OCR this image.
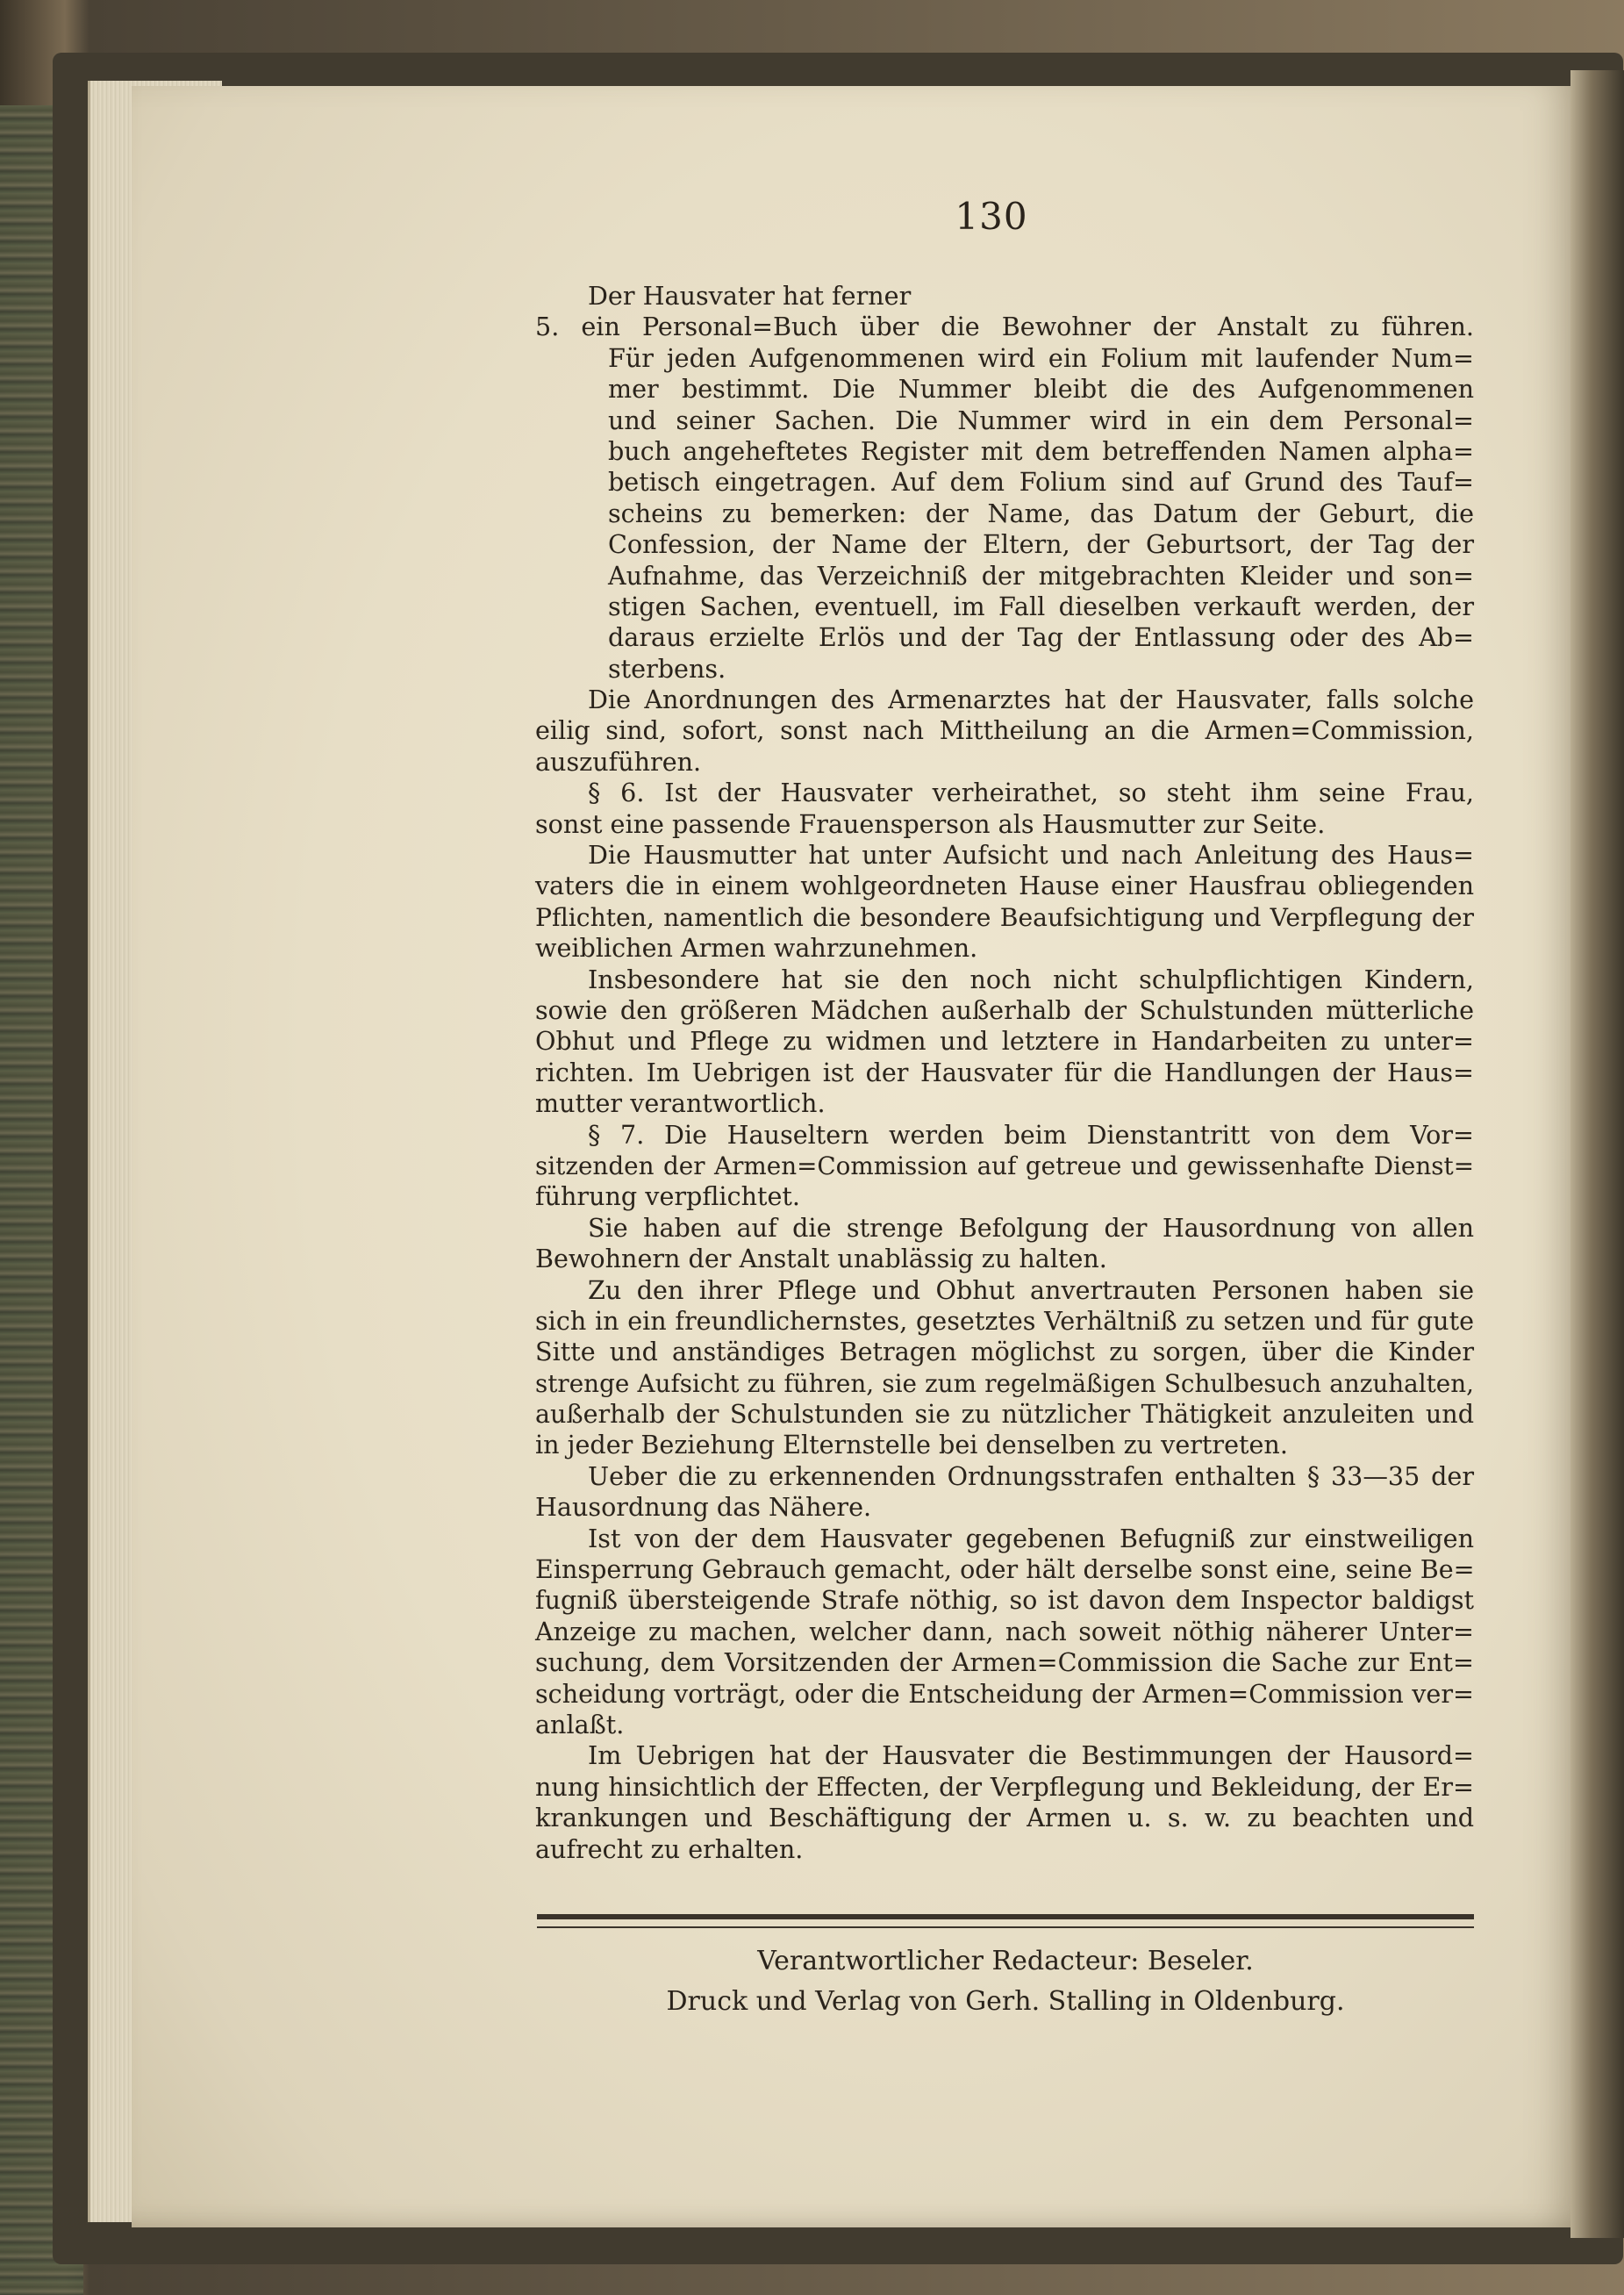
130
Der Hausvater hat ferner
5. ein Personal=Buch über die Bewohner der Anstalt zu führen.
Für jeden Aufgenommenen wird ein Folium mit laufender Num=
mer bestimmt. Die Nummer bleibt die des Aufgenommenen
und seiner Sachen. Die Nummer wird in ein dem Personal=
buch angeheftetes Register mit dem betreffenden Namen alpha=
betisch eingetragen. Auf dem Folium sind auf Grund des Tauf=
scheins zu bemerken: der Name, das Datum der Geburt, die
Confession, der Name der Eltern, der Geburtsort, der Tag der
Aufnahme, das Verzeichniß der mitgebrachten Kleider und son=
stigen Sachen, eventuell, im Fall dieselben verkauft werden, der
daraus erzielte Erlös und der Tag der Entlassung oder des Ab=
sterbens.
Die Anordnungen des Armenarztes hat der Hausvater, falls solche
eilig sind, sofort, sonst nach Mittheilung an die Armen=Commission,
auszuführen.
§ 6. Ist der Hausvater verheirathet, so steht ihm seine Frau,
sonst eine passende Frauensperson als Hausmutter zur Seite.
Die Hausmutter hat unter Aufsicht und nach Anleitung des Haus=
vaters die in einem wohlgeordneten Hause einer Hausfrau obliegenden
Pflichten, namentlich die besondere Beaufsichtigung und Verpflegung der
weiblichen Armen wahrzunehmen.
Insbesondere hat sie den noch nicht schulpflichtigen Kindern,
sowie den größeren Mädchen außerhalb der Schulstunden mütterliche
Obhut und Pflege zu widmen und letztere in Handarbeiten zu unter=
richten. Im Uebrigen ist der Hausvater für die Handlungen der Haus=
mutter verantwortlich.
§ 7. Die Hauseltern werden beim Dienstantritt von dem Vor=
sitzenden der Armen=Commission auf getreue und gewissenhafte Dienst=
führung verpflichtet.
Sie haben auf die strenge Befolgung der Hausordnung von allen
Bewohnern der Anstalt unablässig zu halten.
Zu den ihrer Pflege und Obhut anvertrauten Personen haben sie
sich in ein freundlichernstes, gesetztes Verhältniß zu setzen und für gute
Sitte und anständiges Betragen möglichst zu sorgen, über die Kinder
strenge Aufsicht zu führen, sie zum regelmäßigen Schulbesuch anzuhalten,
außerhalb der Schulstunden sie zu nützlicher Thätigkeit anzuleiten und
in jeder Beziehung Elternstelle bei denselben zu vertreten.
Ueber die zu erkennenden Ordnungsstrafen enthalten § 33—35 der
Hausordnung das Nähere.
Ist von der dem Hausvater gegebenen Befugniß zur einstweiligen
Einsperrung Gebrauch gemacht, oder hält derselbe sonst eine, seine Be=
fugniß übersteigende Strafe nöthig, so ist davon dem Inspector baldigst
Anzeige zu machen, welcher dann, nach soweit nöthig näherer Unter=
suchung, dem Vorsitzenden der Armen=Commission die Sache zur Ent=
scheidung vorträgt, oder die Entscheidung der Armen=Commission ver=
anlaßt.
Im Uebrigen hat der Hausvater die Bestimmungen der Hausord=
nung hinsichtlich der Effecten, der Verpflegung und Bekleidung, der Er=
krankungen und Beschäftigung der Armen u. s. w. zu beachten und
aufrecht zu erhalten.
Verantwortlicher Redacteur: Beseler.
Druck und Verlag von Gerh. Stalling in Oldenburg.
